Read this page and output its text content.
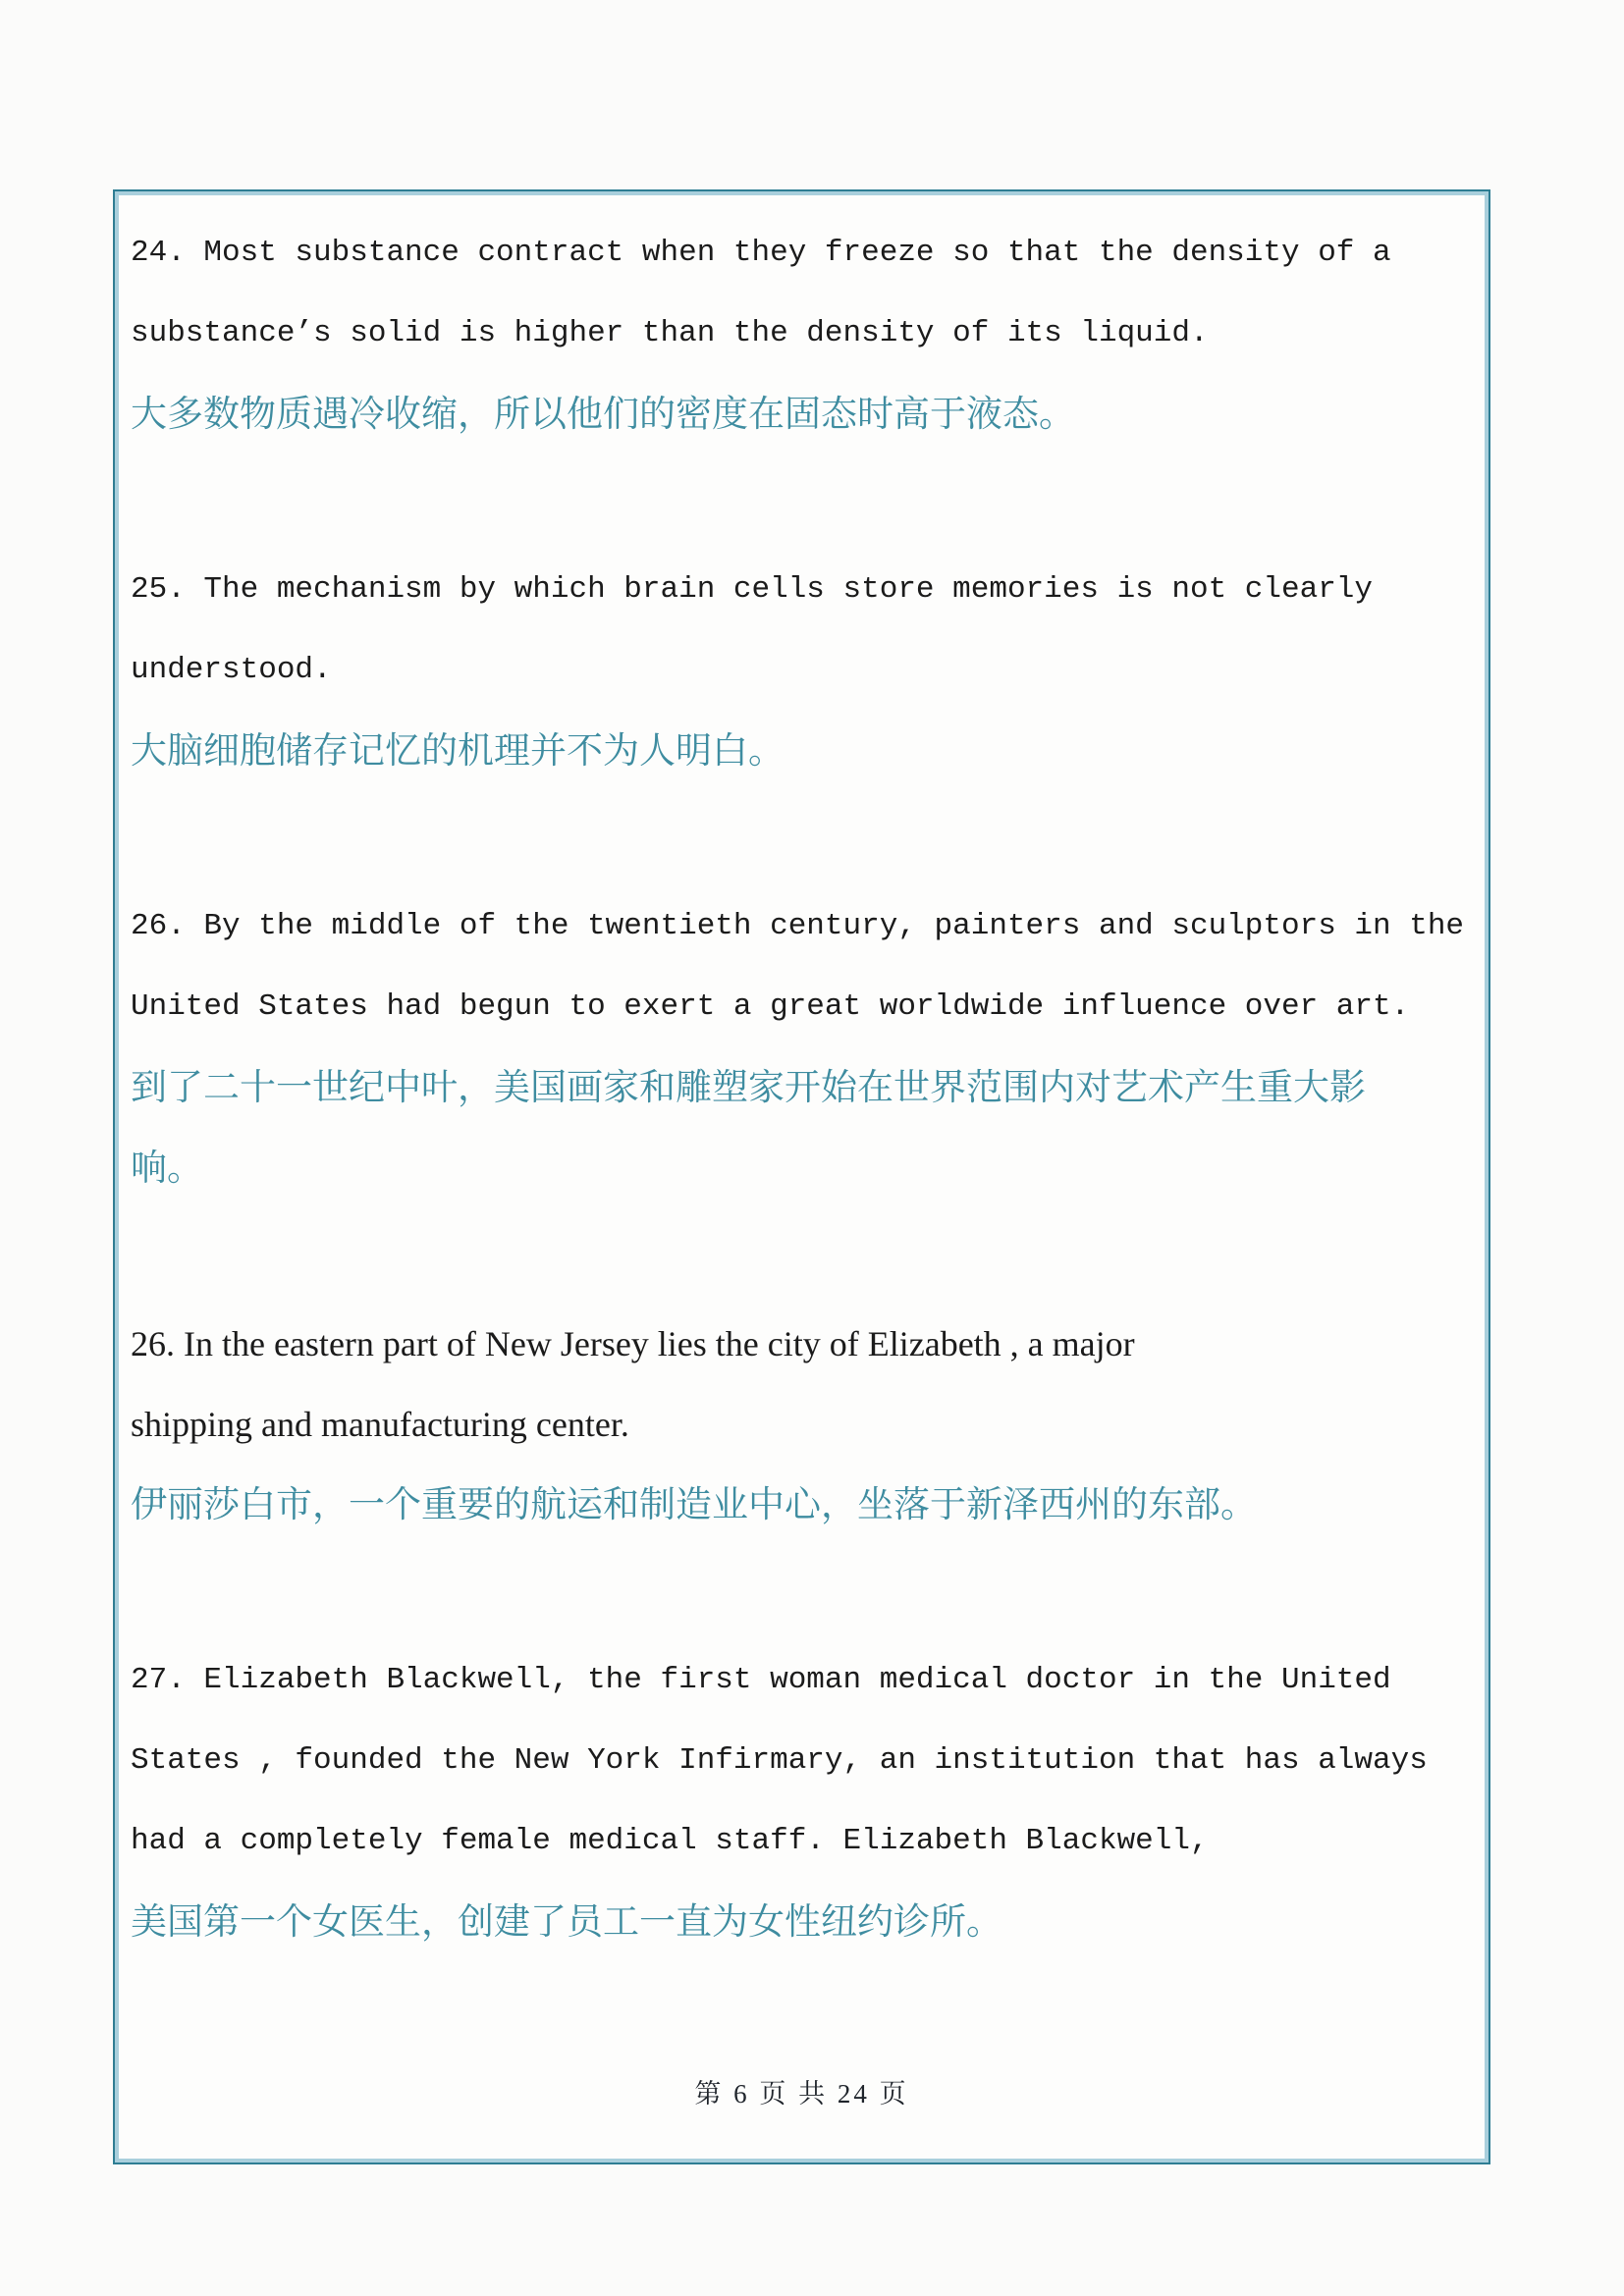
24. Most substance contract when they freeze so that the density of a
substance’s solid is higher than the density of its liquid.
大多数物质遇冷收缩，所以他们的密度在固态时高于液态。
25. The mechanism by which brain cells store memories is not clearly
understood.
大脑细胞储存记忆的机理并不为人明白。
26. By the middle of the twentieth century, painters and sculptors in the
United States had begun to exert a great worldwide influence over art.
到了二十一世纪中叶，美国画家和雕塑家开始在世界范围内对艺术产生重大影
响。
26. In the eastern part of New Jersey lies the city of Elizabeth , a major
shipping and manufacturing center.
伊丽莎白市，一个重要的航运和制造业中心，坐落于新泽西州的东部。
27. Elizabeth Blackwell, the first woman medical doctor in the United
States , founded the New York Infirmary, an institution that has always
had a completely female medical staff. Elizabeth Blackwell,
美国第一个女医生，创建了员工一直为女性纽约诊所。
第 6 页 共 24 页
